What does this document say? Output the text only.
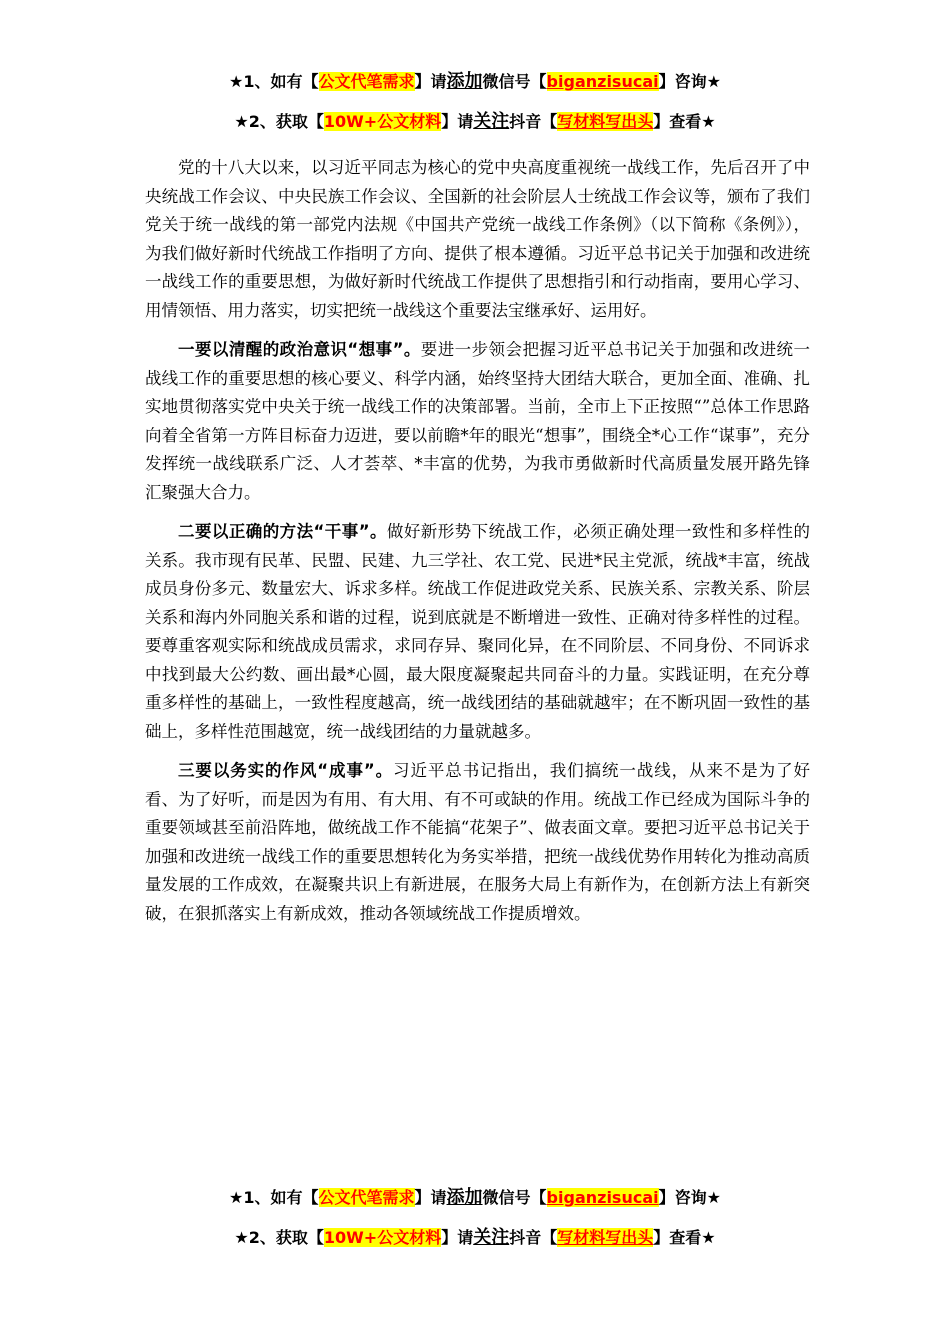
★1、如有【公文代笔需求】请添加微信号【biganzisucai】咨询★
★2、获取【10W+公文材料】请关注抖音【写材料写出头】查看★

党的十八大以来，以习近平同志为核心的党中央高度重视统一战线工作，先后召开了中央统战工作会议、中央民族工作会议、全国新的社会阶层人士统战工作会议等，颁布了我们党关于统一战线的第一部党内法规《中国共产党统一战线工作条例》（以下简称《条例》），为我们做好新时代统战工作指明了方向、提供了根本遵循。习近平总书记关于加强和改进统一战线工作的重要思想，为做好新时代统战工作提供了思想指引和行动指南，要用心学习、用情领悟、用力落实，切实把统一战线这个重要法宝继承好、运用好。

一要以清醒的政治意识“想事”。要进一步领会把握习近平总书记关于加强和改进统一战线工作的重要思想的核心要义、科学内涵，始终坚持大团结大联合，更加全面、准确、扎实地贯彻落实党中央关于统一战线工作的决策部署。当前，全市上下正按照“”总体工作思路向着全省第一方阵目标奋力迈进，要以前瞻*年的眼光“想事”，围绕全*心工作“谋事”，充分发挥统一战线联系广泛、人才荟萃、*丰富的优势，为我市勇做新时代高质量发展开路先锋汇聚强大合力。

二要以正确的方法“干事”。做好新形势下统战工作，必须正确处理一致性和多样性的关系。我市现有民革、民盟、民建、九三学社、农工党、民进*民主党派，统战*丰富，统战成员身份多元、数量宏大、诉求多样。统战工作促进政党关系、民族关系、宗教关系、阶层关系和海内外同胞关系和谐的过程，说到底就是不断增进一致性、正确对待多样性的过程。要尊重客观实际和统战成员需求，求同存异、聚同化异，在不同阶层、不同身份、不同诉求中找到最大公约数、画出最*心圆，最大限度凝聚起共同奋斗的力量。实践证明，在充分尊重多样性的基础上，一致性程度越高，统一战线团结的基础就越牢；在不断巩固一致性的基础上，多样性范围越宽，统一战线团结的力量就越多。

三要以务实的作风“成事”。习近平总书记指出，我们搞统一战线，从来不是为了好看、为了好听，而是因为有用、有大用、有不可或缺的作用。统战工作已经成为国际斗争的重要领域甚至前沿阵地，做统战工作不能搞“花架子”、做表面文章。要把习近平总书记关于加强和改进统一战线工作的重要思想转化为务实举措，把统一战线优势作用转化为推动高质量发展的工作成效，在凝聚共识上有新进展，在服务大局上有新作为，在创新方法上有新突破，在狠抓落实上有新成效，推动各领域统战工作提质增效。

★1、如有【公文代笔需求】请添加微信号【biganzisucai】咨询★
★2、获取【10W+公文材料】请关注抖音【写材料写出头】查看★
